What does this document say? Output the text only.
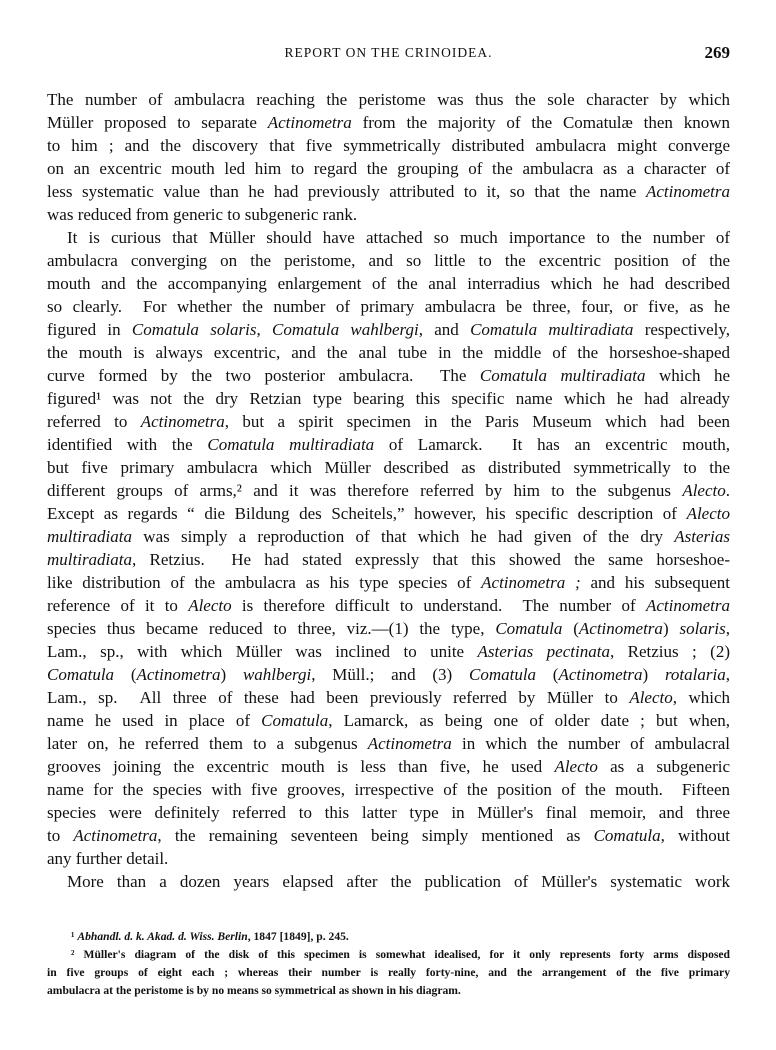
REPORT ON THE CRINOIDEA.	269
The number of ambulacra reaching the peristome was thus the sole character by which
Müller proposed to separate Actinometra from the majority of the Comatulæ then known
to him ; and the discovery that five symmetrically distributed ambulacra might converge
on an excentric mouth led him to regard the grouping of the ambulacra as a character of
less systematic value than he had previously attributed to it, so that the name Actinometra
was reduced from generic to subgeneric rank.
It is curious that Müller should have attached so much importance to the number of
ambulacra converging on the peristome, and so little to the excentric position of the
mouth and the accompanying enlargement of the anal interradius which he had described
so clearly.  For whether the number of primary ambulacra be three, four, or five, as he
figured in Comatula solaris, Comatula wahlbergi, and Comatula multiradiata respectively,
the mouth is always excentric, and the anal tube in the middle of the horseshoe-shaped
curve formed by the two posterior ambulacra.  The Comatula multiradiata which he
figured¹ was not the dry Retzian type bearing this specific name which he had already
referred to Actinometra, but a spirit specimen in the Paris Museum which had been
identified with the Comatula multiradiata of Lamarck.  It has an excentric mouth,
but five primary ambulacra which Müller described as distributed symmetrically to the
different groups of arms,² and it was therefore referred by him to the subgenus Alecto.
Except as regards “ die Bildung des Scheitels,” however, his specific description of Alecto
multiradiata was simply a reproduction of that which he had given of the dry Asterias
multiradiata, Retzius.  He had stated expressly that this showed the same horseshoe-
like distribution of the ambulacra as his type species of Actinometra ; and his subsequent
reference of it to Alecto is therefore difficult to understand.  The number of Actinometra
species thus became reduced to three, viz.—(1) the type, Comatula (Actinometra) solaris,
Lam., sp., with which Müller was inclined to unite Asterias pectinata, Retzius ; (2)
Comatula (Actinometra) wahlbergi, Müll.; and (3) Comatula (Actinometra) rotalaria,
Lam., sp.  All three of these had been previously referred by Müller to Alecto, which
name he used in place of Comatula, Lamarck, as being one of older date ; but when,
later on, he referred them to a subgenus Actinometra in which the number of ambulacral
grooves joining the excentric mouth is less than five, he used Alecto as a subgeneric
name for the species with five grooves, irrespective of the position of the mouth.  Fifteen
species were definitely referred to this latter type in Müller's final memoir, and three
to Actinometra, the remaining seventeen being simply mentioned as Comatula, without
any further detail.
More than a dozen years elapsed after the publication of Müller's systematic work
¹ Abhandl. d. k. Akad. d. Wiss. Berlin, 1847 [1849], p. 245.
² Müller's diagram of the disk of this specimen is somewhat idealised, for it only represents forty arms disposed
in five groups of eight each ; whereas their number is really forty-nine, and the arrangement of the five primary
ambulacra at the peristome is by no means so symmetrical as shown in his diagram.
